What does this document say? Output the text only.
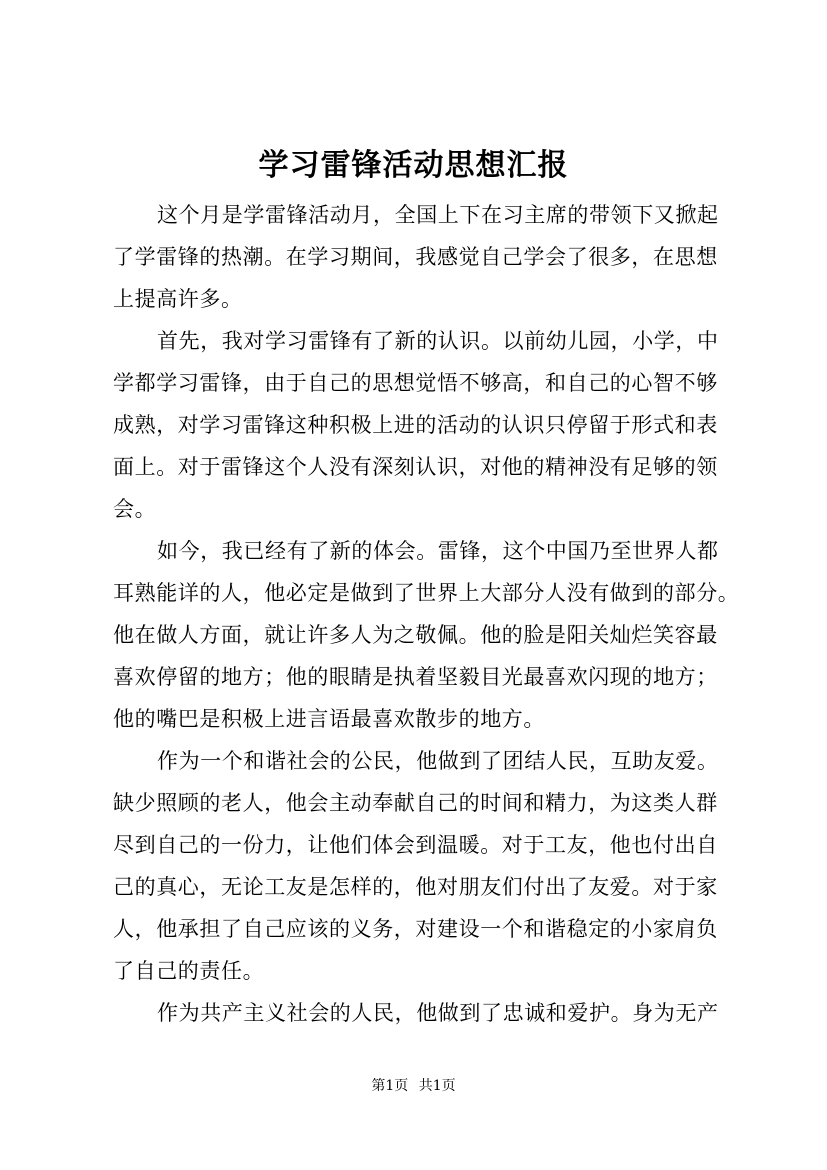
学习雷锋活动思想汇报
这个月是学雷锋活动月，全国上下在习主席的带领下又掀起
了学雷锋的热潮。在学习期间，我感觉自己学会了很多，在思想
上提高许多。
首先，我对学习雷锋有了新的认识。以前幼儿园，小学，中
学都学习雷锋，由于自己的思想觉悟不够高，和自己的心智不够
成熟，对学习雷锋这种积极上进的活动的认识只停留于形式和表
面上。对于雷锋这个人没有深刻认识，对他的精神没有足够的领
会。
如今，我已经有了新的体会。雷锋，这个中国乃至世界人都
耳熟能详的人，他必定是做到了世界上大部分人没有做到的部分。
他在做人方面，就让许多人为之敬佩。他的脸是阳关灿烂笑容最
喜欢停留的地方；他的眼睛是执着坚毅目光最喜欢闪现的地方；
他的嘴巴是积极上进言语最喜欢散步的地方。
作为一个和谐社会的公民，他做到了团结人民，互助友爱。
缺少照顾的老人，他会主动奉献自己的时间和精力，为这类人群
尽到自己的一份力，让他们体会到温暖。对于工友，他也付出自
己的真心，无论工友是怎样的，他对朋友们付出了友爱。对于家
人，他承担了自己应该的义务，对建设一个和谐稳定的小家肩负
了自己的责任。
作为共产主义社会的人民，他做到了忠诚和爱护。身为无产
第1页 共1页
